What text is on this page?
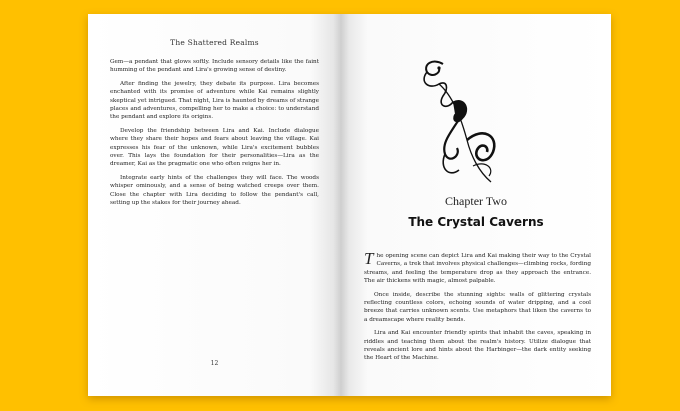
The Shattered Realms

Gem—a pendant that glows softly. Include sensory details like the faint humming of the pendant and Lira's growing sense of destiny.

After finding the jewelry, they debate its purpose. Lira becomes enchanted with its promise of adventure while Kai remains slightly skeptical yet intrigued. That night, Lira is haunted by dreams of strange places and adventures, compelling her to make a choice: to understand the pendant and explore its origins.

Develop the friendship between Lira and Kai. Include dialogue where they share their hopes and fears about leaving the village. Kai expresses his fear of the unknown, while Lira's excitement bubbles over. This lays the foundation for their personalities—Lira as the dreamer, Kai as the pragmatic one who often reigns her in.

Integrate early hints of the challenges they will face. The woods whisper ominously, and a sense of being watched creeps over them. Close the chapter with Lira deciding to follow the pendant's call, setting up the stakes for their journey ahead.

12
Chapter Two
The Crystal Caverns

The opening scene can depict Lira and Kai making their way to the Crystal Caverns, a trek that involves physical challenges—climbing rocks, fording streams, and feeling the temperature drop as they approach the entrance. The air thickens with magic, almost palpable.

Once inside, describe the stunning sights: walls of glittering crystals reflecting countless colors, echoing sounds of water dripping, and a cool breeze that carries unknown scents. Use metaphors that liken the caverns to a dreamscape where reality bends.

Lira and Kai encounter friendly spirits that inhabit the caves, speaking in riddles and teaching them about the realm's history. Utilize dialogue that reveals ancient lore and hints about the Harbinger—the dark entity seeking the Heart of the Machine.
